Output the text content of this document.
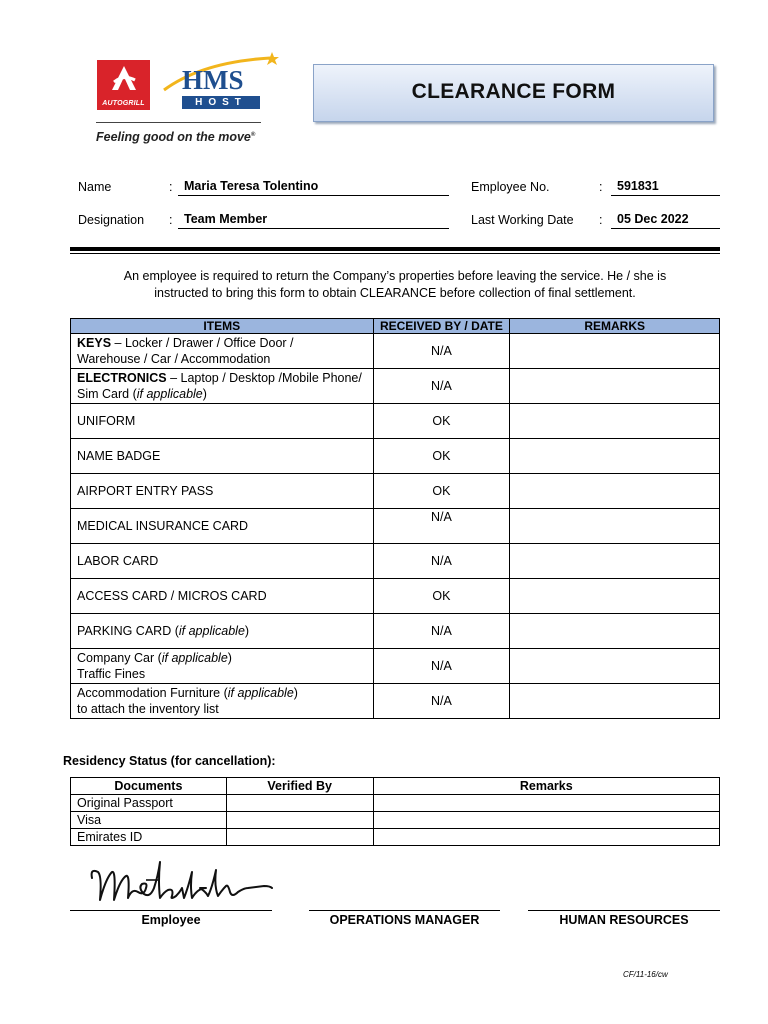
AUTOGRILL
HMS
HOST
Feeling good on the move®
CLEARANCE FORM
Name	: Maria Teresa Tolentino
Designation : Team Member
Employee No.	:	591831
Last Working Date :	05 Dec 2022
An employee is required to return the Company’s properties before leaving the service. He / she is
instructed to bring this form to obtain CLEARANCE before collection of final settlement.
ITEMS	RECEIVED BY / DATE	REMARKS
KEYS – Locker / Drawer / Office Door /
Warehouse / Car / Accommodation	N/A	
ELECTRONICS – Laptop / Desktop /Mobile Phone/
Sim Card (if applicable)	N/A	
UNIFORM	OK	
NAME BADGE	OK	
AIRPORT ENTRY PASS	OK	
MEDICAL INSURANCE CARD	N/A	
LABOR CARD	N/A	
ACCESS CARD / MICROS CARD	OK	
PARKING CARD (if applicable)	N/A	
Company Car (if applicable)
Traffic Fines	N/A	
Accommodation Furniture (if applicable)
to attach the inventory list	N/A	
Residency Status (for cancellation):
Documents	Verified By	Remarks
Original Passport		
Visa		
Emirates ID		
Employee	OPERATIONS MANAGER	HUMAN RESOURCES
CF/11-16/cw
